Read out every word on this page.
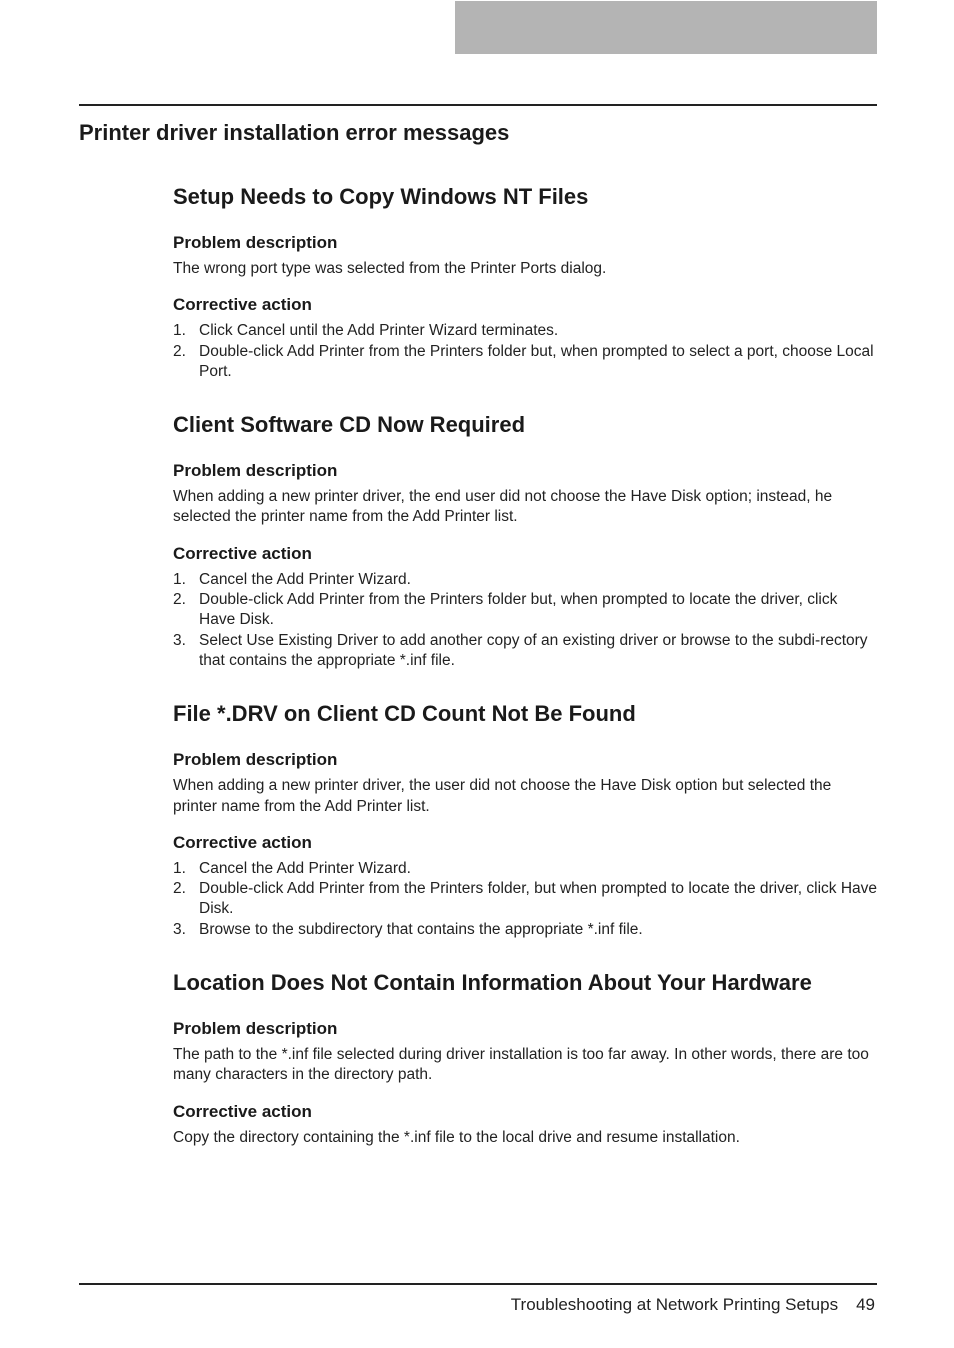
Printer driver installation error messages
Setup Needs to Copy Windows NT Files
Problem description

The wrong port type was selected from the Printer Ports dialog.

Corrective action
1. Click Cancel until the Add Printer Wizard terminates.
2. Double-click Add Printer from the Printers folder but, when prompted to select a port, choose Local Port.
Client Software CD Now Required
Problem description

When adding a new printer driver, the end user did not choose the Have Disk option; instead, he selected the printer name from the Add Printer list.

Corrective action
1. Cancel the Add Printer Wizard.
2. Double-click Add Printer from the Printers folder but, when prompted to locate the driver, click Have Disk.
3. Select Use Existing Driver to add another copy of an existing driver or browse to the subdi-rectory that contains the appropriate *.inf file.
File *.DRV on Client CD Count Not Be Found
Problem description

When adding a new printer driver, the user did not choose the Have Disk option but selected the printer name from the Add Printer list.

Corrective action
1. Cancel the Add Printer Wizard.
2. Double-click Add Printer from the Printers folder, but when prompted to locate the driver, click Have Disk.
3. Browse to the subdirectory that contains the appropriate *.inf file.
Location Does Not Contain Information About Your Hardware
Problem description

The path to the *.inf file selected during driver installation is too far away. In other words, there are too many characters in the directory path.

Corrective action

Copy the directory containing the *.inf file to the local drive and resume installation.

Troubleshooting at Network Printing Setups 49
